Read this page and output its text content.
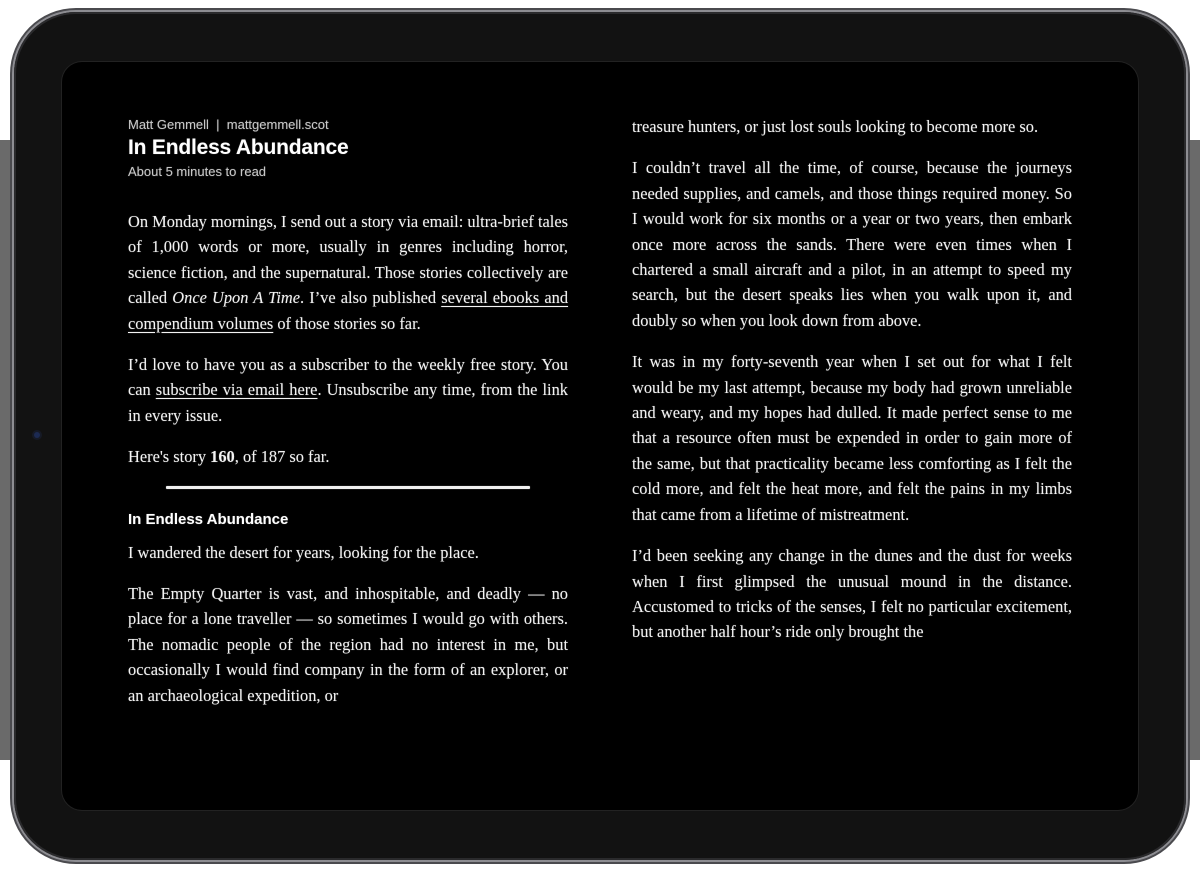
Matt Gemmell | mattgemmell.scot
In Endless Abundance
About 5 minutes to read

On Monday mornings, I send out a story via email: ultra-brief tales of 1,000 words or more, usually in genres including horror, science fiction, and the supernatural. Those stories collectively are called Once Upon A Time. I’ve also published several ebooks and compendium volumes of those stories so far.

I’d love to have you as a subscriber to the weekly free story. You can subscribe via email here. Unsubscribe any time, from the link in every issue.

Here's story 160, of 187 so far.

In Endless Abundance

I wandered the desert for years, looking for the place.

The Empty Quarter is vast, and inhospitable, and deadly — no place for a lone traveller — so sometimes I would go with others. The nomadic people of the region had no interest in me, but occasionally I would find company in the form of an explorer, or an archaeological expedition, or

treasure hunters, or just lost souls looking to become more so.

I couldn’t travel all the time, of course, because the journeys needed supplies, and camels, and those things required money. So I would work for six months or a year or two years, then embark once more across the sands. There were even times when I chartered a small aircraft and a pilot, in an attempt to speed my search, but the desert speaks lies when you walk upon it, and doubly so when you look down from above.

It was in my forty-seventh year when I set out for what I felt would be my last attempt, because my body had grown unreliable and weary, and my hopes had dulled. It made perfect sense to me that a resource often must be expended in order to gain more of the same, but that practicality became less comforting as I felt the cold more, and felt the heat more, and felt the pains in my limbs that came from a lifetime of mistreatment.

I’d been seeking any change in the dunes and the dust for weeks when I first glimpsed the unusual mound in the distance. Accustomed to tricks of the senses, I felt no particular excitement, but another half hour’s ride only brought the
